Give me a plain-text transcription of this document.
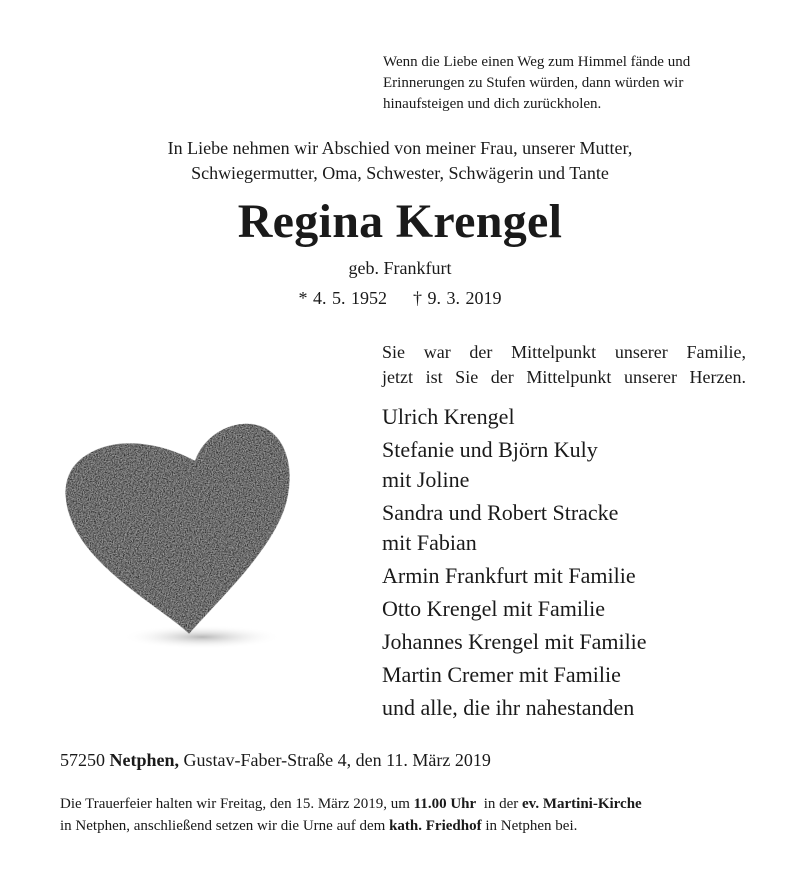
Wenn die Liebe einen Weg zum Himmel fände und
Erinnerungen zu Stufen würden, dann würden wir
hinaufsteigen und dich zurückholen.
In Liebe nehmen wir Abschied von meiner Frau, unserer Mutter,
Schwiegermutter, Oma, Schwester, Schwägerin und Tante
Regina Krengel
geb. Frankfurt
* 4. 5. 1952 † 9. 3. 2019
Sie war der Mittelpunkt unserer Familie,
jetzt ist Sie der Mittelpunkt unserer Herzen.
Ulrich Krengel
Stefanie und Björn Kuly
mit Joline
Sandra und Robert Stracke
mit Fabian
Armin Frankfurt mit Familie
Otto Krengel mit Familie
Johannes Krengel mit Familie
Martin Cremer mit Familie
und alle, die ihr nahestanden
57250 Netphen, Gustav-Faber-Straße 4, den 11. März 2019
Die Trauerfeier halten wir Freitag, den 15. März 2019, um 11.00 Uhr in der ev. Martini-Kirche
in Netphen, anschließend setzen wir die Urne auf dem kath. Friedhof in Netphen bei.
